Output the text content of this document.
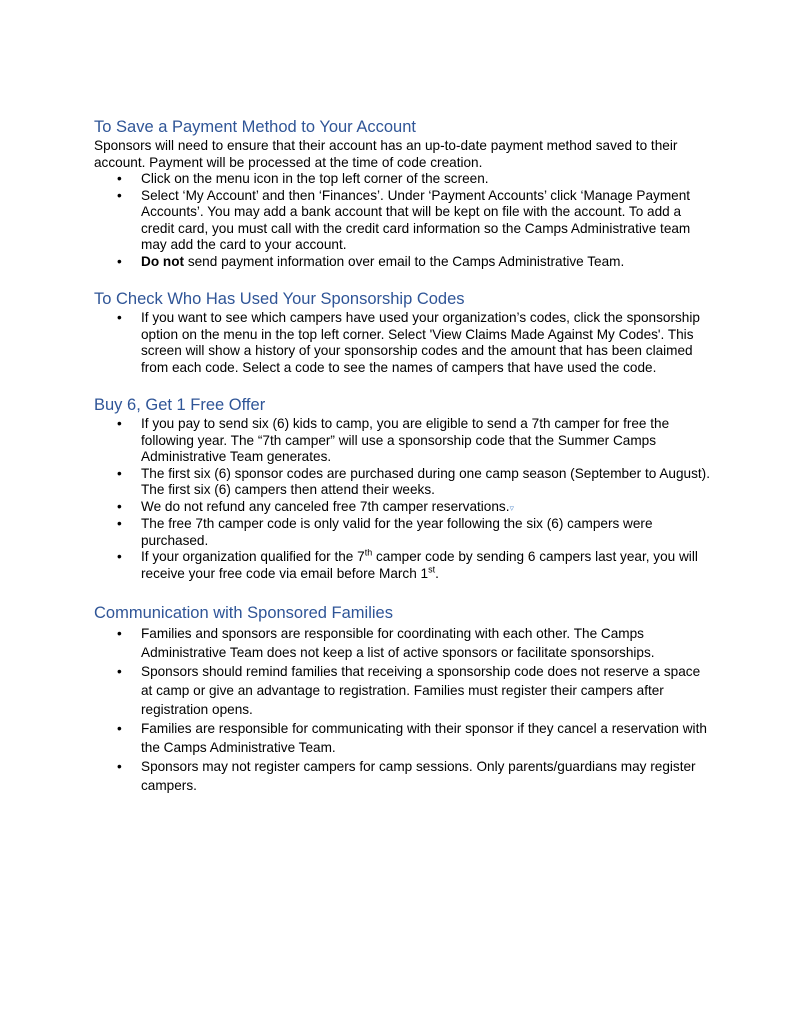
To Save a Payment Method to Your Account

Sponsors will need to ensure that their account has an up-to-date payment method saved to their account. Payment will be processed at the time of code creation.

• Click on the menu icon in the top left corner of the screen.
• Select ‘My Account’ and then ‘Finances’. Under ‘Payment Accounts’ click ‘Manage Payment Accounts’. You may add a bank account that will be kept on file with the account. To add a credit card, you must call with the credit card information so the Camps Administrative team may add the card to your account.
• Do not send payment information over email to the Camps Administrative Team.
To Check Who Has Used Your Sponsorship Codes
• If you want to see which campers have used your organization’s codes, click the sponsorship option on the menu in the top left corner. Select 'View Claims Made Against My Codes'. This screen will show a history of your sponsorship codes and the amount that has been claimed from each code. Select a code to see the names of campers that have used the code.
Buy 6, Get 1 Free Offer
• If you pay to send six (6) kids to camp, you are eligible to send a 7th camper for free the following year. The “7th camper” will use a sponsorship code that the Summer Camps Administrative Team generates.
• The first six (6) sponsor codes are purchased during one camp season (September to August). The first six (6) campers then attend their weeks.
• We do not refund any canceled free 7th camper reservations.▿
• The free 7th camper code is only valid for the year following the six (6) campers were purchased.
• If your organization qualified for the 7th camper code by sending 6 campers last year, you will receive your free code via email before March 1st.
Communication with Sponsored Families
• Families and sponsors are responsible for coordinating with each other. The Camps Administrative Team does not keep a list of active sponsors or facilitate sponsorships.
• Sponsors should remind families that receiving a sponsorship code does not reserve a space at camp or give an advantage to registration. Families must register their campers after registration opens.
• Families are responsible for communicating with their sponsor if they cancel a reservation with the Camps Administrative Team.
• Sponsors may not register campers for camp sessions. Only parents/guardians may register campers.
